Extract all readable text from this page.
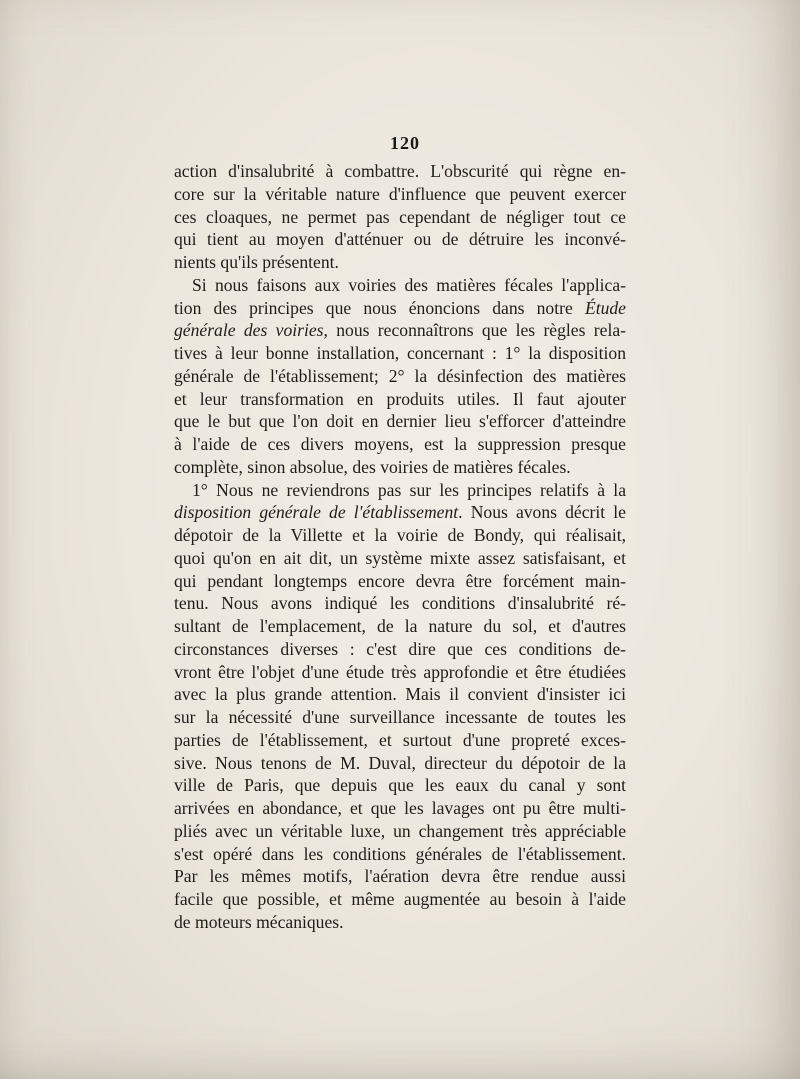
120
action d'insalubrité à combattre. L'obscurité qui règne en-
core sur la véritable nature d'influence que peuvent exercer
ces cloaques, ne permet pas cependant de négliger tout ce
qui tient au moyen d'atténuer ou de détruire les inconvé-
nients qu'ils présentent.
Si nous faisons aux voiries des matières fécales l'applica-
tion des principes que nous énoncions dans notre Étude
générale des voiries, nous reconnaîtrons que les règles rela-
tives à leur bonne installation, concernant : 1° la disposition
générale de l'établissement; 2° la désinfection des matières
et leur transformation en produits utiles. Il faut ajouter
que le but que l'on doit en dernier lieu s'efforcer d'atteindre
à l'aide de ces divers moyens, est la suppression presque
complète, sinon absolue, des voiries de matières fécales.
1° Nous ne reviendrons pas sur les principes relatifs à la
disposition générale de l'établissement. Nous avons décrit le
dépotoir de la Villette et la voirie de Bondy, qui réalisait,
quoi qu'on en ait dit, un système mixte assez satisfaisant, et
qui pendant longtemps encore devra être forcément main-
tenu. Nous avons indiqué les conditions d'insalubrité ré-
sultant de l'emplacement, de la nature du sol, et d'autres
circonstances diverses : c'est dire que ces conditions de-
vront être l'objet d'une étude très approfondie et être étudiées
avec la plus grande attention. Mais il convient d'insister ici
sur la nécessité d'une surveillance incessante de toutes les
parties de l'établissement, et surtout d'une propreté exces-
sive. Nous tenons de M. Duval, directeur du dépotoir de la
ville de Paris, que depuis que les eaux du canal y sont
arrivées en abondance, et que les lavages ont pu être multi-
pliés avec un véritable luxe, un changement très appréciable
s'est opéré dans les conditions générales de l'établissement.
Par les mêmes motifs, l'aération devra être rendue aussi
facile que possible, et même augmentée au besoin à l'aide
de moteurs mécaniques.
